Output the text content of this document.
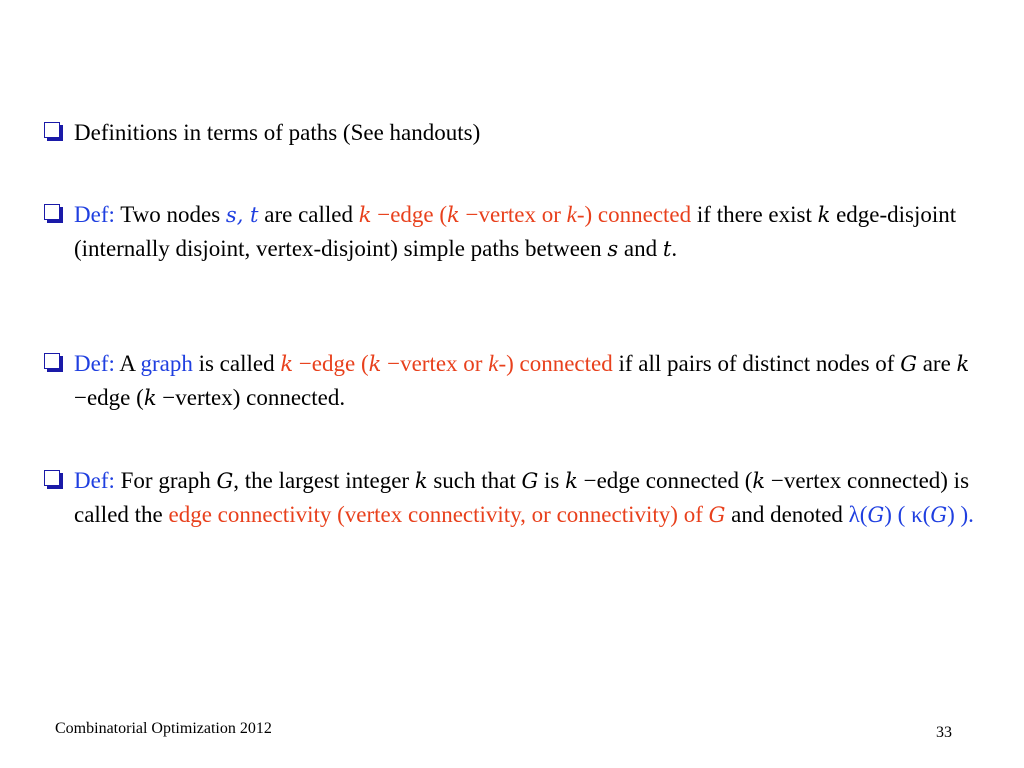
Definitions in terms of paths (See handouts)
Def: Two nodes s, t are called k −edge (k −vertex or k-) connected if there exist k edge-disjoint (internally disjoint, vertex-disjoint) simple paths between s and t.
Def: A graph is called k −edge (k −vertex or k-) connected if all pairs of distinct nodes of G are k −edge (k −vertex) connected.
Def: For graph G, the largest integer k such that G is k −edge connected (k −vertex connected) is called the edge connectivity (vertex connectivity, or connectivity) of G and denoted λ(G) ( κ(G) ).
Combinatorial Optimization 2012	33
